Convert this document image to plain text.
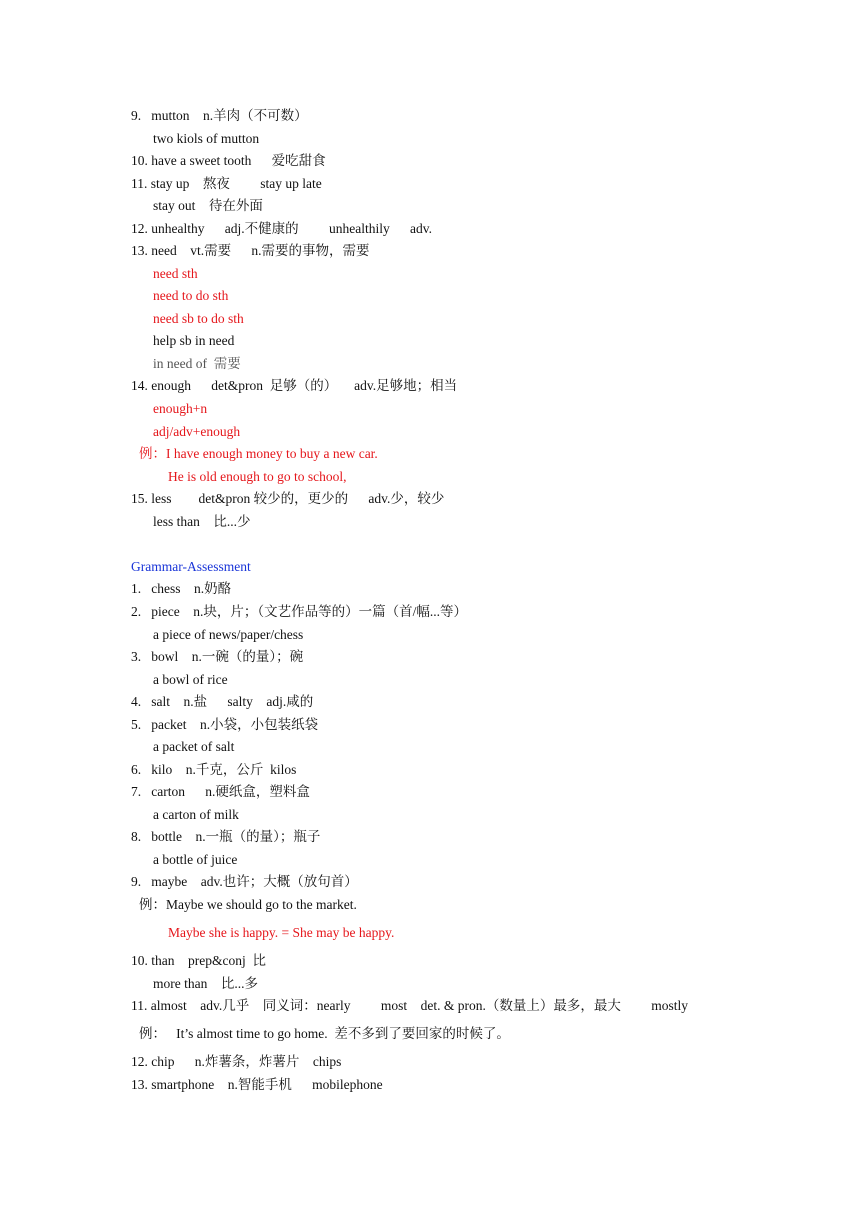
9.   mutton    n.羊肉（不可数）
two kiols of mutton
10. have a sweet tooth      爱吃甜食
11. stay up    熬夜         stay up late
stay out    待在外面
12. unhealthy      adj.不健康的         unhealthily      adv.
13. need    vt.需要      n.需要的事物，需要
need sth
need to do sth
need sb to do sth
help sb in need
in need of  需要
14. enough      det&pron  足够（的）     adv.足够地；相当
enough+n
adj/adv+enough
例：I have enough money to buy a new car.
He is old enough to go to school,
15. less        det&pron 较少的，更少的      adv.少，较少
less than    比...少
Grammar-Assessment
1.   chess    n.奶酪
2.   piece    n.块，片；（文艺作品等的）一篇（首/幅...等）
a piece of news/paper/chess
3.   bowl    n.一碗（的量）；碗
a bowl of rice
4.   salt    n.盐      salty    adj.咸的
5.   packet    n.小袋，小包装纸袋
a packet of salt
6.   kilo    n.千克，公斤  kilos
7.   carton      n.硬纸盒，塑料盒
a carton of milk
8.   bottle    n.一瓶（的量）；瓶子
a bottle of juice
9.   maybe    adv.也许；大概（放句首）
例：Maybe we should go to the market.
Maybe she is happy. = She may be happy.
10. than    prep&conj  比
more than    比...多
11. almost    adv.几乎    同义词：nearly         most    det. & pron.（数量上）最多，最大         mostly
例：   It’s almost time to go home.  差不多到了要回家的时候了。
12. chip      n.炸薯条，炸薯片    chips
13. smartphone    n.智能手机      mobilephone
